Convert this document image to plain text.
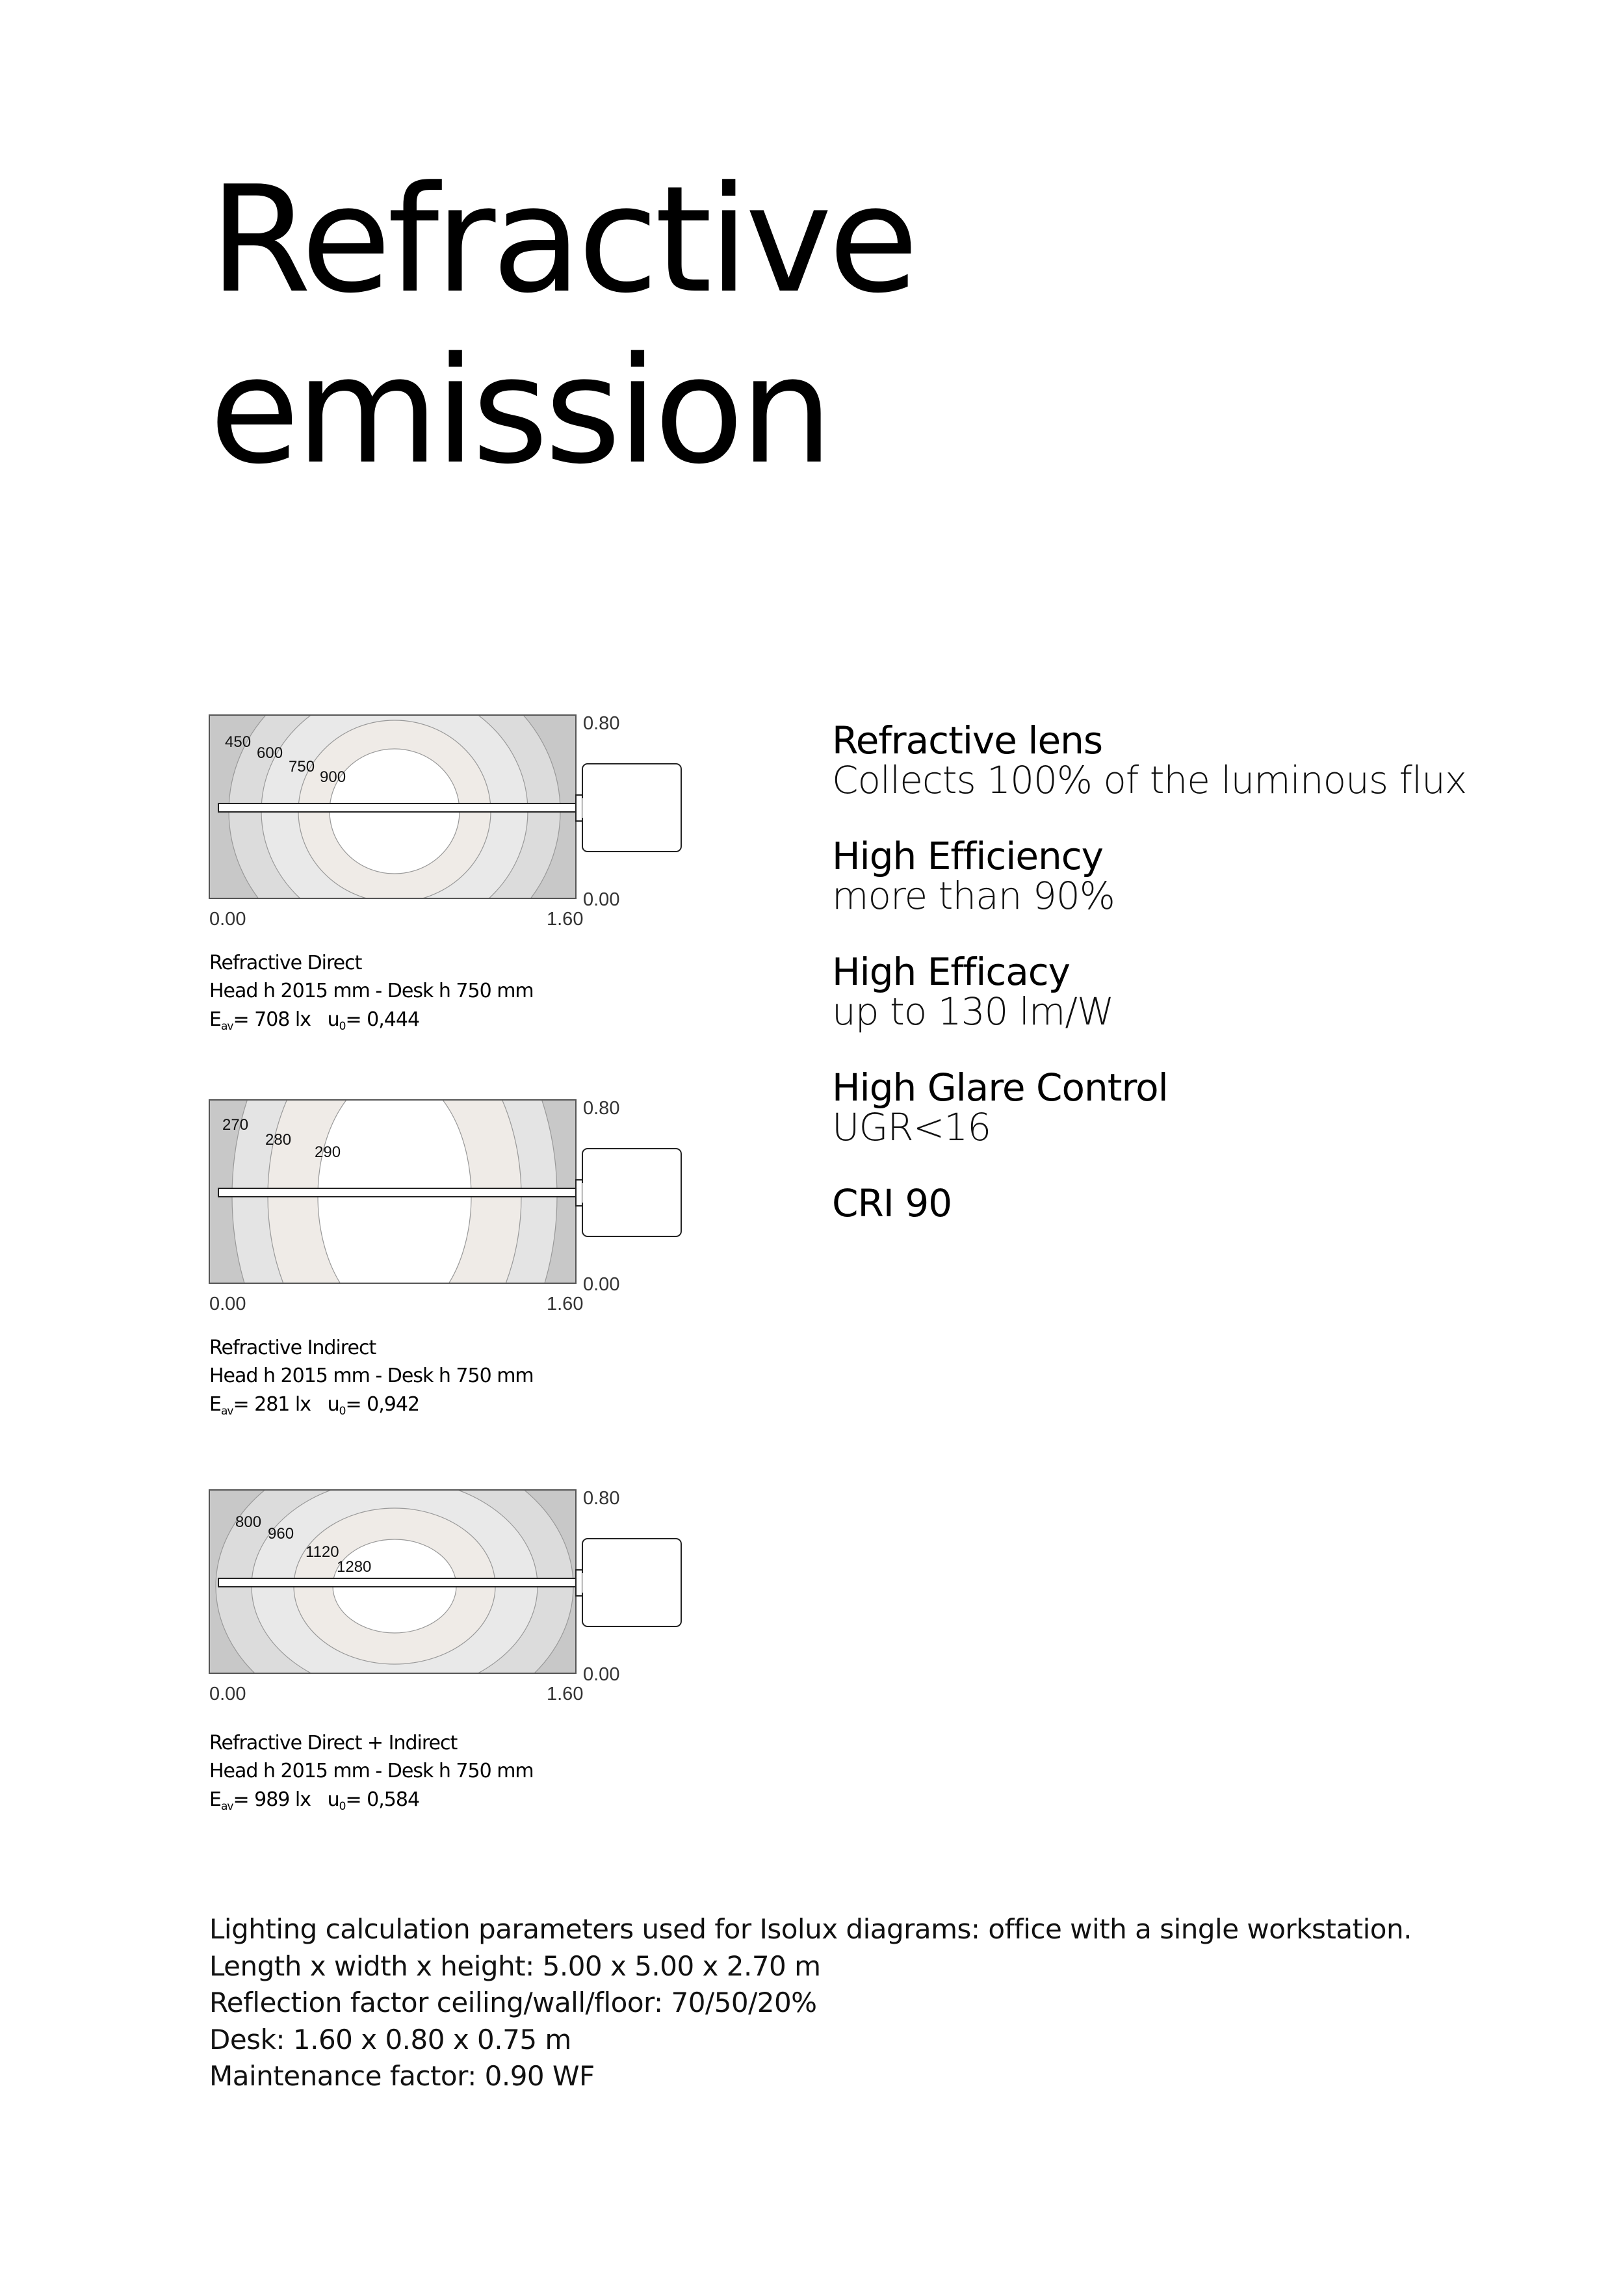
Refractive
emission
450
600
750
900
0.00	1.60
0.80
0.00
Refractive Direct
Head h 2015 mm - Desk h 750 mm
$E_{av}= 708$ lx $u_0= 0,444$
270
280
290
0.00	1.60
0.80
0.00
Refractive Indirect
Head h 2015 mm - Desk h 750 mm
$E_{av}= 281$ lx $u_0= 0,942$
800
960
1120
1280
0.00	1.60
0.80
0.00
Refractive Direct + Indirect
Head h 2015 mm - Desk h 750 mm
$E_{av}= 989$ lx $u_0= 0,584$
Refractive lens
Collects 100% of the luminous flux
High Efficiency
more than 90%
High Efficacy
up to 130 lm/W
High Glare Control
UGR<16
CRI 90
Lighting calculation parameters used for Isolux diagrams: office with a single workstation.
Length x width x height: 5.00 x 5.00 x 2.70 m
Reflection factor ceiling/wall/floor: 70/50/20%
Desk: 1.60 x 0.80 x 0.75 m
Maintenance factor: 0.90 WF
